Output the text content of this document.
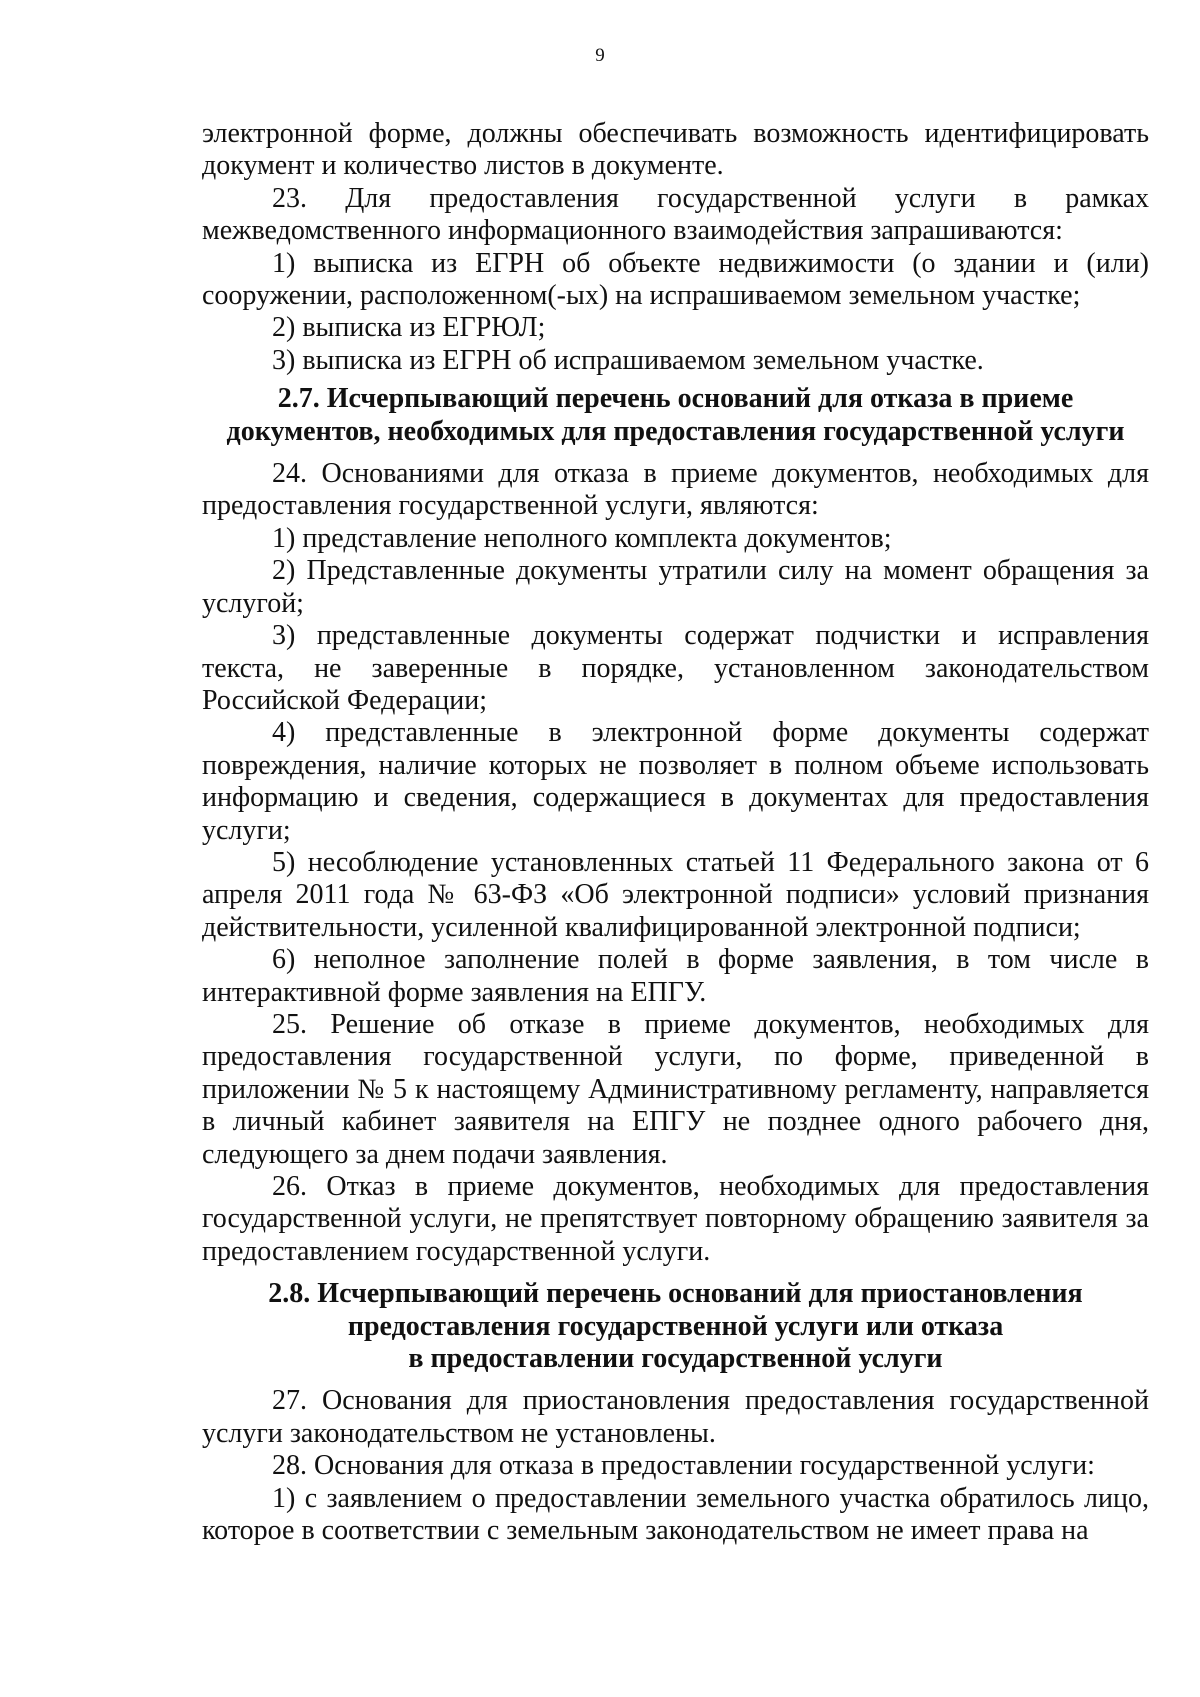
9

электронной форме, должны обеспечивать возможность идентифицировать документ и количество листов в документе.

23. Для предоставления государственной услуги в рамках межведомственного информационного взаимодействия запрашиваются:

1) выписка из ЕГРН об объекте недвижимости (о здании и (или) сооружении, расположенном(-ых) на испрашиваемом земельном участке;

2) выписка из ЕГРЮЛ;

3) выписка из ЕГРН об испрашиваемом земельном участке.

2.7. Исчерпывающий перечень оснований для отказа в приеме
документов, необходимых для предоставления государственной услуги

24. Основаниями для отказа в приеме документов, необходимых для предоставления государственной услуги, являются:

1) представление неполного комплекта документов;

2) Представленные документы утратили силу на момент обращения за услугой;

3) представленные документы содержат подчистки и исправления текста, не заверенные в порядке, установленном законодательством Российской Федерации;

4) представленные в электронной форме документы содержат повреждения, наличие которых не позволяет в полном объеме использовать информацию и сведения, содержащиеся в документах для предоставления услуги;

5) несоблюдение установленных статьей 11 Федерального закона от 6 апреля 2011 года № 63-ФЗ «Об электронной подписи» условий признания действительности, усиленной квалифицированной электронной подписи;

6) неполное заполнение полей в форме заявления, в том числе в интерактивной форме заявления на ЕПГУ.

25. Решение об отказе в приеме документов, необходимых для предоставления государственной услуги, по форме, приведенной в приложении № 5 к настоящему Административному регламенту, направляется в личный кабинет заявителя на ЕПГУ не позднее одного рабочего дня, следующего за днем подачи заявления.

26. Отказ в приеме документов, необходимых для предоставления государственной услуги, не препятствует повторному обращению заявителя за предоставлением государственной услуги.

2.8. Исчерпывающий перечень оснований для приостановления
предоставления государственной услуги или отказа
в предоставлении государственной услуги

27. Основания для приостановления предоставления государственной услуги законодательством не установлены.

28. Основания для отказа в предоставлении государственной услуги:

1) с заявлением о предоставлении земельного участка обратилось лицо, которое в соответствии с земельным законодательством не имеет права на
